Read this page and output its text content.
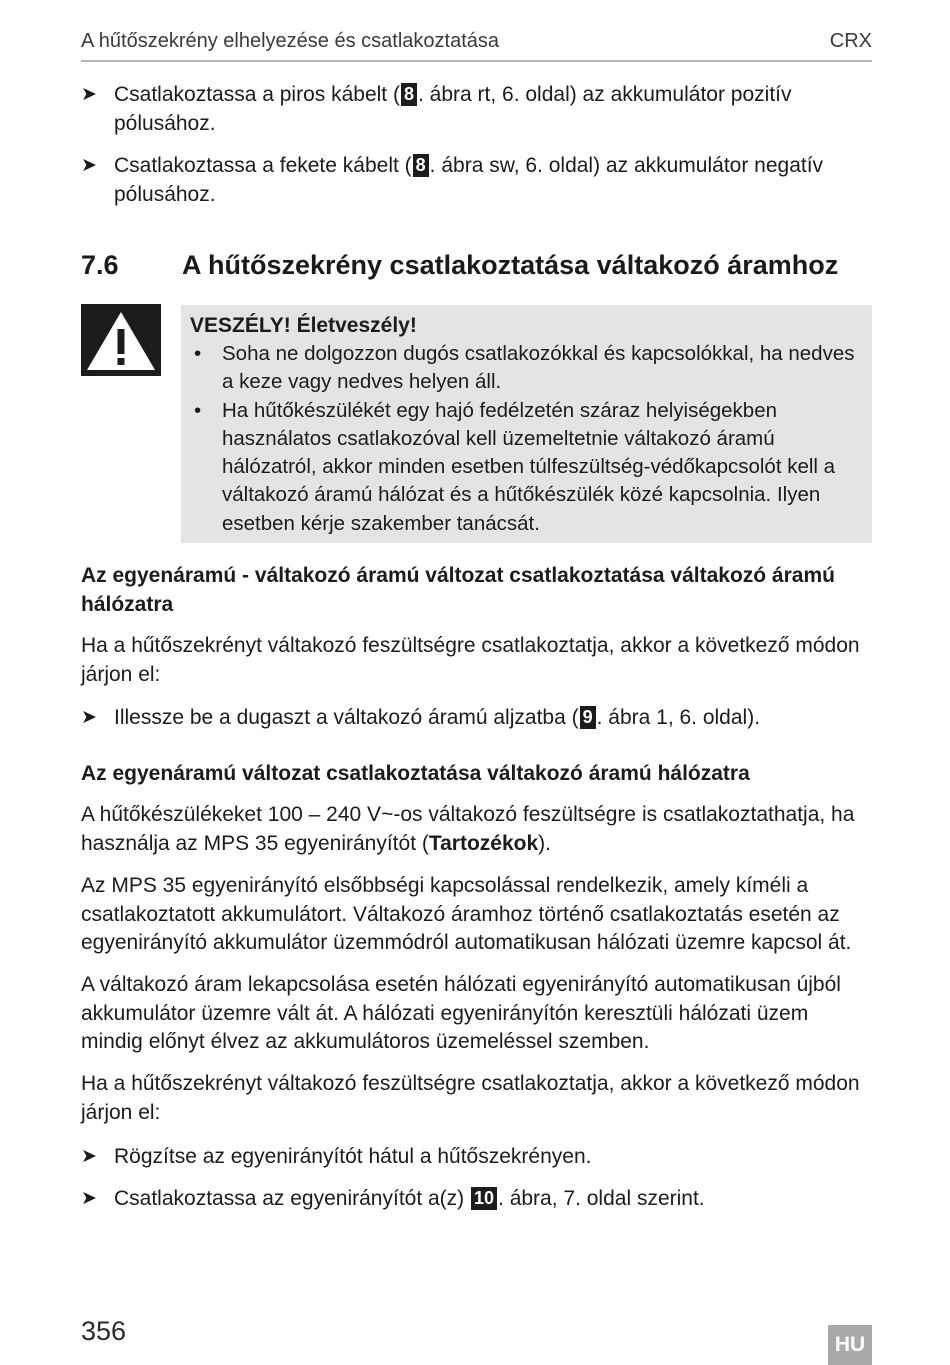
A hűtőszekrény elhelyezése és csatlakoztatása	CRX
➤ Csatlakoztassa a piros kábelt ( 8 . ábra rt, 6. oldal) az akkumulátor pozitív pólusához.
➤ Csatlakoztassa a fekete kábelt ( 8 . ábra sw, 6. oldal) az akkumulátor negatív pólusához.
7.6	A hűtőszekrény csatlakoztatása váltakozó áramhoz
VESZÉLY! Életveszély!
•	Soha ne dolgozzon dugós csatlakozókkal és kapcsolókkal, ha nedves a keze vagy nedves helyen áll.
•	Ha hűtőkészülékét egy hajó fedélzetén száraz helyiségekben használatos csatlakozóval kell üzemeltetnie váltakozó áramú hálózatról, akkor minden esetben túlfeszültség-védőkapcsolót kell a váltakozó áramú hálózat és a hűtőkészülék közé kapcsolnia. Ilyen esetben kérje szakember tanácsát.
Az egyenáramú - váltakozó áramú változat csatlakoztatása váltakozó áramú hálózatra
Ha a hűtőszekrényt váltakozó feszültségre csatlakoztatja, akkor a következő módon járjon el:
➤ Illessze be a dugaszt a váltakozó áramú aljzatba ( 9 . ábra 1, 6. oldal).
Az egyenáramú változat csatlakoztatása váltakozó áramú hálózatra
A hűtőkészülékeket 100 – 240 V~-os váltakozó feszültségre is csatlakoztathatja, ha használja az MPS 35 egyenirányítót (Tartozékok).
Az MPS 35 egyenirányító elsőbbségi kapcsolással rendelkezik, amely kíméli a csatlakoztatott akkumulátort. Váltakozó áramhoz történő csatlakoztatás esetén az egyenirányító akkumulátor üzemmódról automatikusan hálózati üzemre kapcsol át.
A váltakozó áram lekapcsolása esetén hálózati egyenirányító automatikusan újból akkumulátor üzemre vált át. A hálózati egyenirányítón keresztüli hálózati üzem mindig előnyt élvez az akkumulátoros üzemeléssel szemben.
Ha a hűtőszekrényt váltakozó feszültségre csatlakoztatja, akkor a következő módon járjon el:
➤ Rögzítse az egyenirányítót hátul a hűtőszekrényen.
➤ Csatlakoztassa az egyenirányítót a(z) 10 . ábra, 7. oldal szerint.
356	HU
